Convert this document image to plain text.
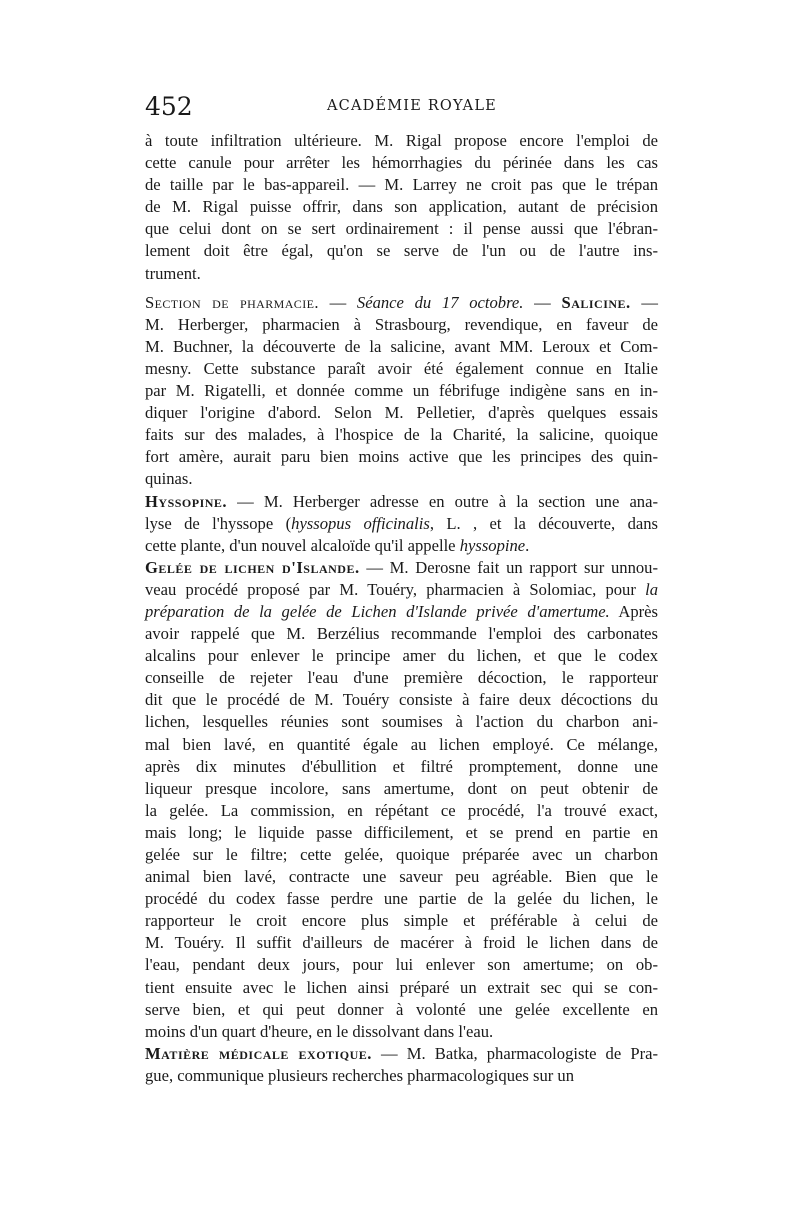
452	ACADÉMIE ROYALE
à toute infiltration ultérieure. M. Rigal propose encore l'emploi de
cette canule pour arrêter les hémorrhagies du périnée dans les cas
de taille par le bas-appareil. — M. Larrey ne croit pas que le trépan
de M. Rigal puisse offrir, dans son application, autant de précision
que celui dont on se sert ordinairement : il pense aussi que l'ébran-
lement doit être égal, qu'on se serve de l'un ou de l'autre ins-
trument.
Section de pharmacie. — Séance du 17 octobre. — Salicine. —
M. Herberger, pharmacien à Strasbourg, revendique, en faveur de
M. Buchner, la découverte de la salicine, avant MM. Leroux et Com-
mesny. Cette substance paraît avoir été également connue en Italie
par M. Rigatelli, et donnée comme un fébrifuge indigène sans en in-
diquer l'origine d'abord. Selon M. Pelletier, d'après quelques essais
faits sur des malades, à l'hospice de la Charité, la salicine, quoique
fort amère, aurait paru bien moins active que les principes des quin-
quinas.
Hyssopine. — M. Herberger adresse en outre à la section une ana-
lyse de l'hyssope (hyssopus officinalis, L. , et la découverte, dans
cette plante, d'un nouvel alcaloïde qu'il appelle hyssopine.
Gelée de lichen d'Islande. — M. Derosne fait un rapport sur unnou-
veau procédé proposé par M. Touéry, pharmacien à Solomiac, pour la
préparation de la gelée de Lichen d'Islande privée d'amertume. Après
avoir rappelé que M. Berzélius recommande l'emploi des carbonates
alcalins pour enlever le principe amer du lichen, et que le codex
conseille de rejeter l'eau d'une première décoction, le rapporteur
dit que le procédé de M. Touéry consiste à faire deux décoctions du
lichen, lesquelles réunies sont soumises à l'action du charbon ani-
mal bien lavé, en quantité égale au lichen employé. Ce mélange,
après dix minutes d'ébullition et filtré promptement, donne une
liqueur presque incolore, sans amertume, dont on peut obtenir de
la gelée. La commission, en répétant ce procédé, l'a trouvé exact,
mais long; le liquide passe difficilement, et se prend en partie en
gelée sur le filtre; cette gelée, quoique préparée avec un charbon
animal bien lavé, contracte une saveur peu agréable. Bien que le
procédé du codex fasse perdre une partie de la gelée du lichen, le
rapporteur le croit encore plus simple et préférable à celui de
M. Touéry. Il suffit d'ailleurs de macérer à froid le lichen dans de
l'eau, pendant deux jours, pour lui enlever son amertume; on ob-
tient ensuite avec le lichen ainsi préparé un extrait sec qui se con-
serve bien, et qui peut donner à volonté une gelée excellente en
moins d'un quart d'heure, en le dissolvant dans l'eau.
Matière médicale exotique. — M. Batka, pharmacologiste de Pra-
gue, communique plusieurs recherches pharmacologiques sur un
